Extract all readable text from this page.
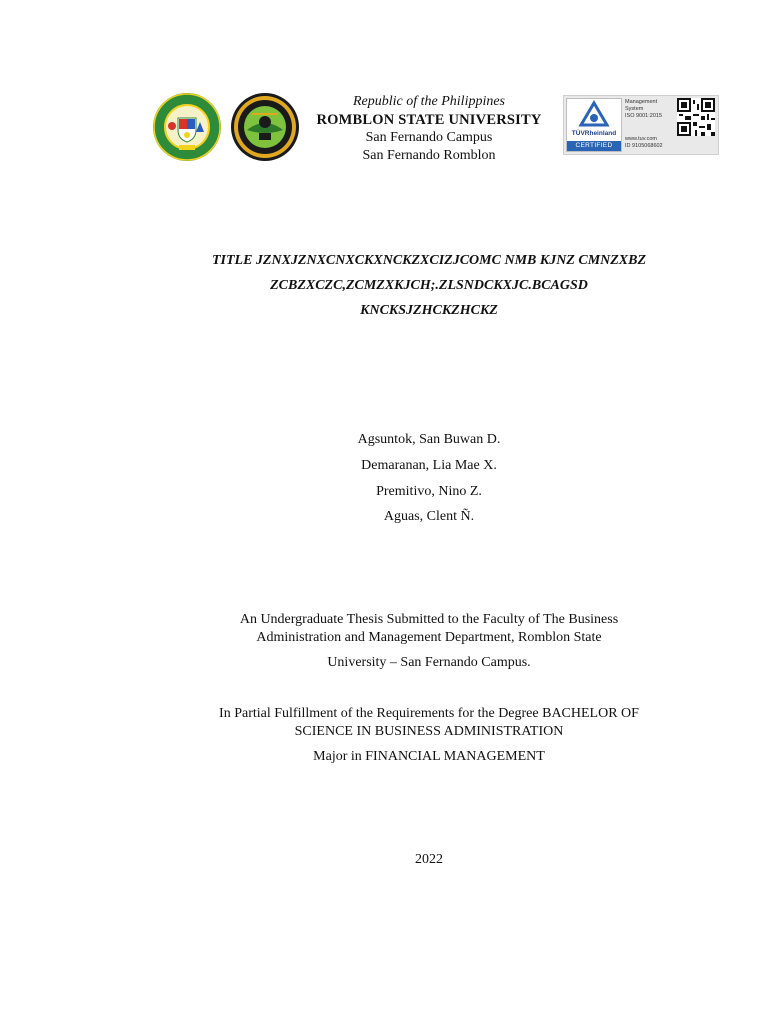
Republic of the Philippines
ROMBLON STATE UNIVERSITY
San Fernando Campus
San Fernando Romblon
TÜVRheinland
CERTIFIED
Management
System
ISO 9001:2015
www.tuv.com
ID 9105068602
TITLE JZNXJZNXCNXCKXNCKZXCIZJCOMC NMB KJNZ CMNZXBZ
ZCBZXCZC,ZCMZXKJCH;.ZLSNDCKXJC.BCAGSD
KNCKSJZHCKZHCKZ
Agsuntok, San Buwan D.
Demaranan, Lia Mae X.
Premitivo, Nino Z.
Aguas, Clent Ñ.
An Undergraduate Thesis Submitted to the Faculty of The Business
Administration and Management Department, Romblon State
University – San Fernando Campus.
In Partial Fulfillment of the Requirements for the Degree BACHELOR OF
SCIENCE IN BUSINESS ADMINISTRATION
Major in FINANCIAL MANAGEMENT
2022
